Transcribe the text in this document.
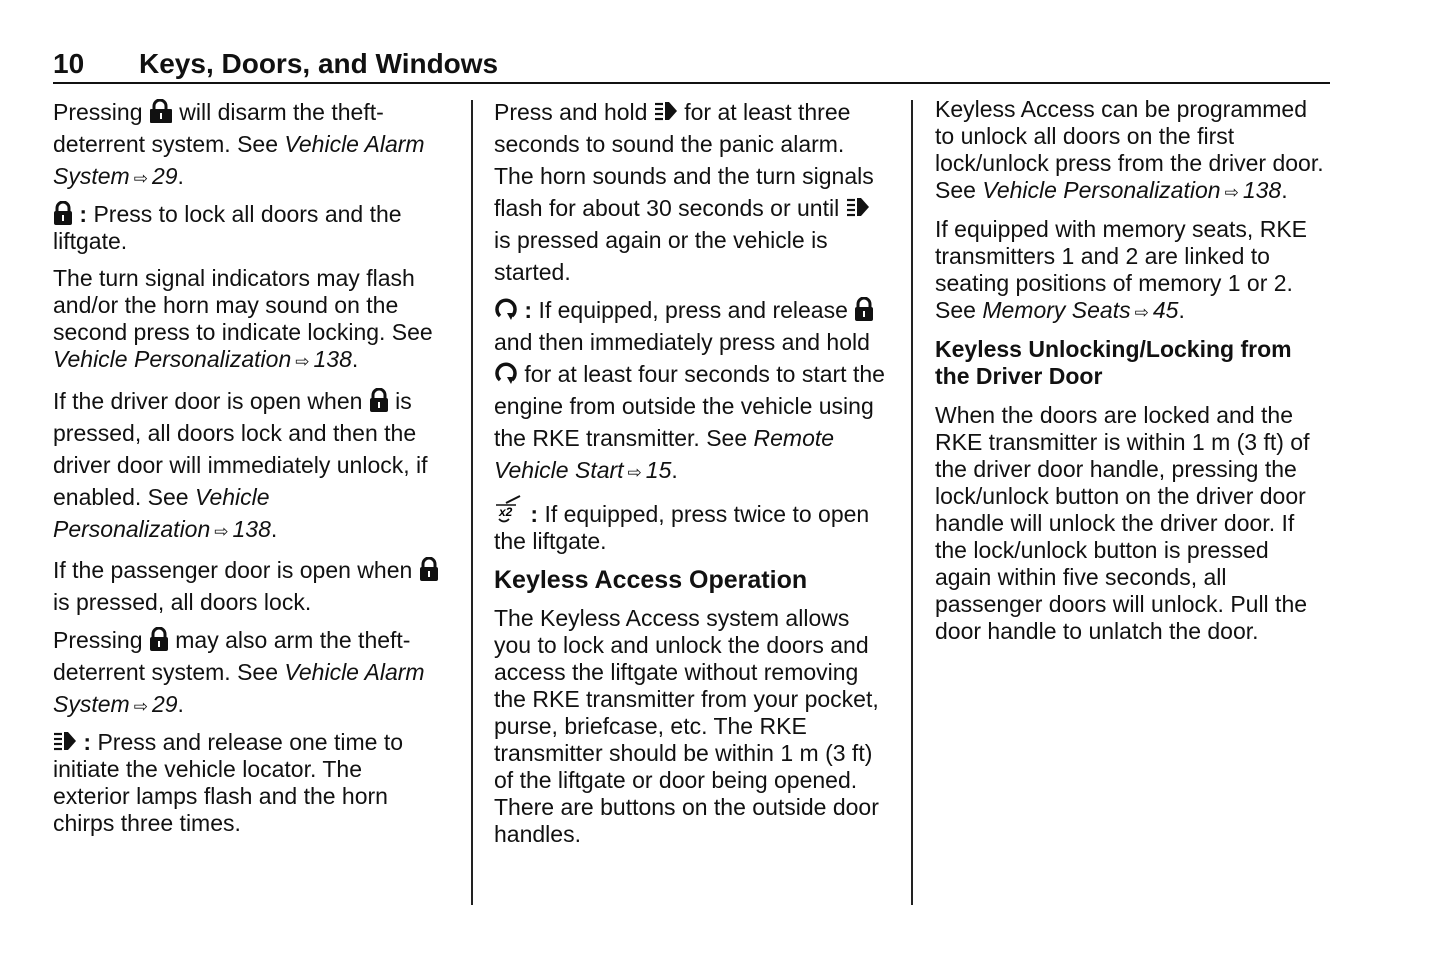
10 Keys, Doors, and Windows

Pressing
will disarm the theft-deterrent system. See Vehicle Alarm System ⇨ 29.

: Press to lock all doors and the liftgate.

The turn signal indicators may flash and/or the horn may sound on the second press to indicate locking. See Vehicle Personalization ⇨ 138.

If the driver door is open when
is pressed, all doors lock and then the driver door will immediately unlock, if enabled. See Vehicle Personalization ⇨ 138.

If the passenger door is open when
is pressed, all doors lock.

Pressing
may also arm the theft-deterrent system. See Vehicle Alarm System ⇨ 29.

: Press and release one time to initiate the vehicle locator. The exterior lamps flash and the horn chirps three times.

Press and hold
for at least three seconds to sound the panic alarm. The horn sounds and the turn signals flash for about 30 seconds or until
is pressed again or the vehicle is started.

: If equipped, press and release
and then immediately press and hold
for at least four seconds to start the engine from outside the vehicle using the RKE transmitter. See Remote Vehicle Start ⇨ 15.

x2 : If equipped, press twice to open the liftgate.

Keyless Access Operation

The Keyless Access system allows you to lock and unlock the doors and access the liftgate without removing the RKE transmitter from your pocket, purse, briefcase, etc. The RKE transmitter should be within 1 m (3 ft) of the liftgate or door being opened. There are buttons on the outside door handles.

Keyless Access can be programmed to unlock all doors on the first lock/unlock press from the driver door. See Vehicle Personalization ⇨ 138.

If equipped with memory seats, RKE transmitters 1 and 2 are linked to seating positions of memory 1 or 2. See Memory Seats ⇨ 45.

Keyless Unlocking/Locking from the Driver Door

When the doors are locked and the RKE transmitter is within 1 m (3 ft) of the driver door handle, pressing the lock/unlock button on the driver door handle will unlock the driver door. If the lock/unlock button is pressed again within five seconds, all passenger doors will unlock. Pull the door handle to unlatch the door.
